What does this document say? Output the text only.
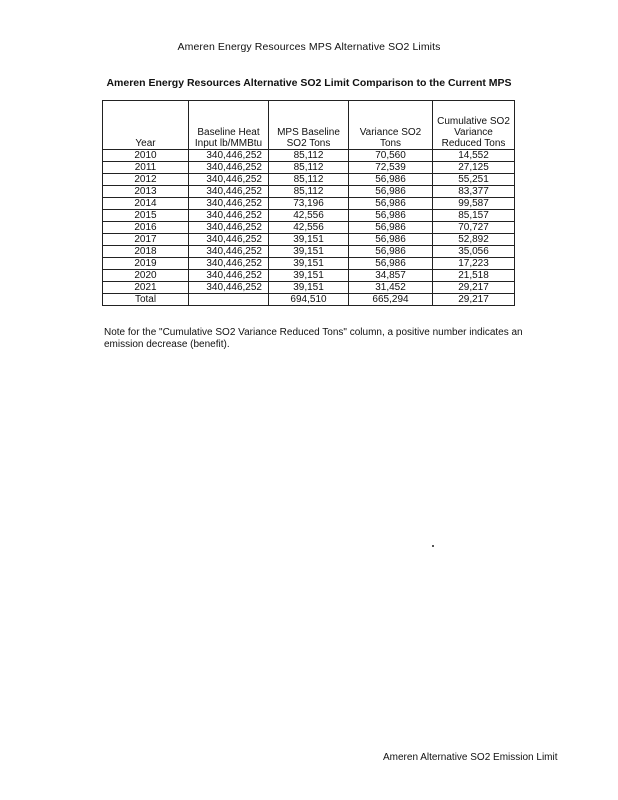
Ameren Energy Resources MPS Alternative SO2 Limits
Ameren Energy Resources Alternative SO2 Limit Comparison to the Current MPS
Year	Baseline Heat Input lb/MMBtu	MPS Baseline SO2 Tons	Variance SO2 Tons	Cumulative SO2 Variance Reduced Tons
2010	340,446,252	85,112	70,560	14,552
2011	340,446,252	85,112	72,539	27,125
2012	340,446,252	85,112	56,986	55,251
2013	340,446,252	85,112	56,986	83,377
2014	340,446,252	73,196	56,986	99,587
2015	340,446,252	42,556	56,986	85,157
2016	340,446,252	42,556	56,986	70,727
2017	340,446,252	39,151	56,986	52,892
2018	340,446,252	39,151	56,986	35,056
2019	340,446,252	39,151	56,986	17,223
2020	340,446,252	39,151	34,857	21,518
2021	340,446,252	39,151	31,452	29,217
Total		694,510	665,294	29,217
Note for the "Cumulative SO2 Variance Reduced Tons" column, a positive number indicates an emission decrease (benefit).
Ameren Alternative SO2 Emission Limit
